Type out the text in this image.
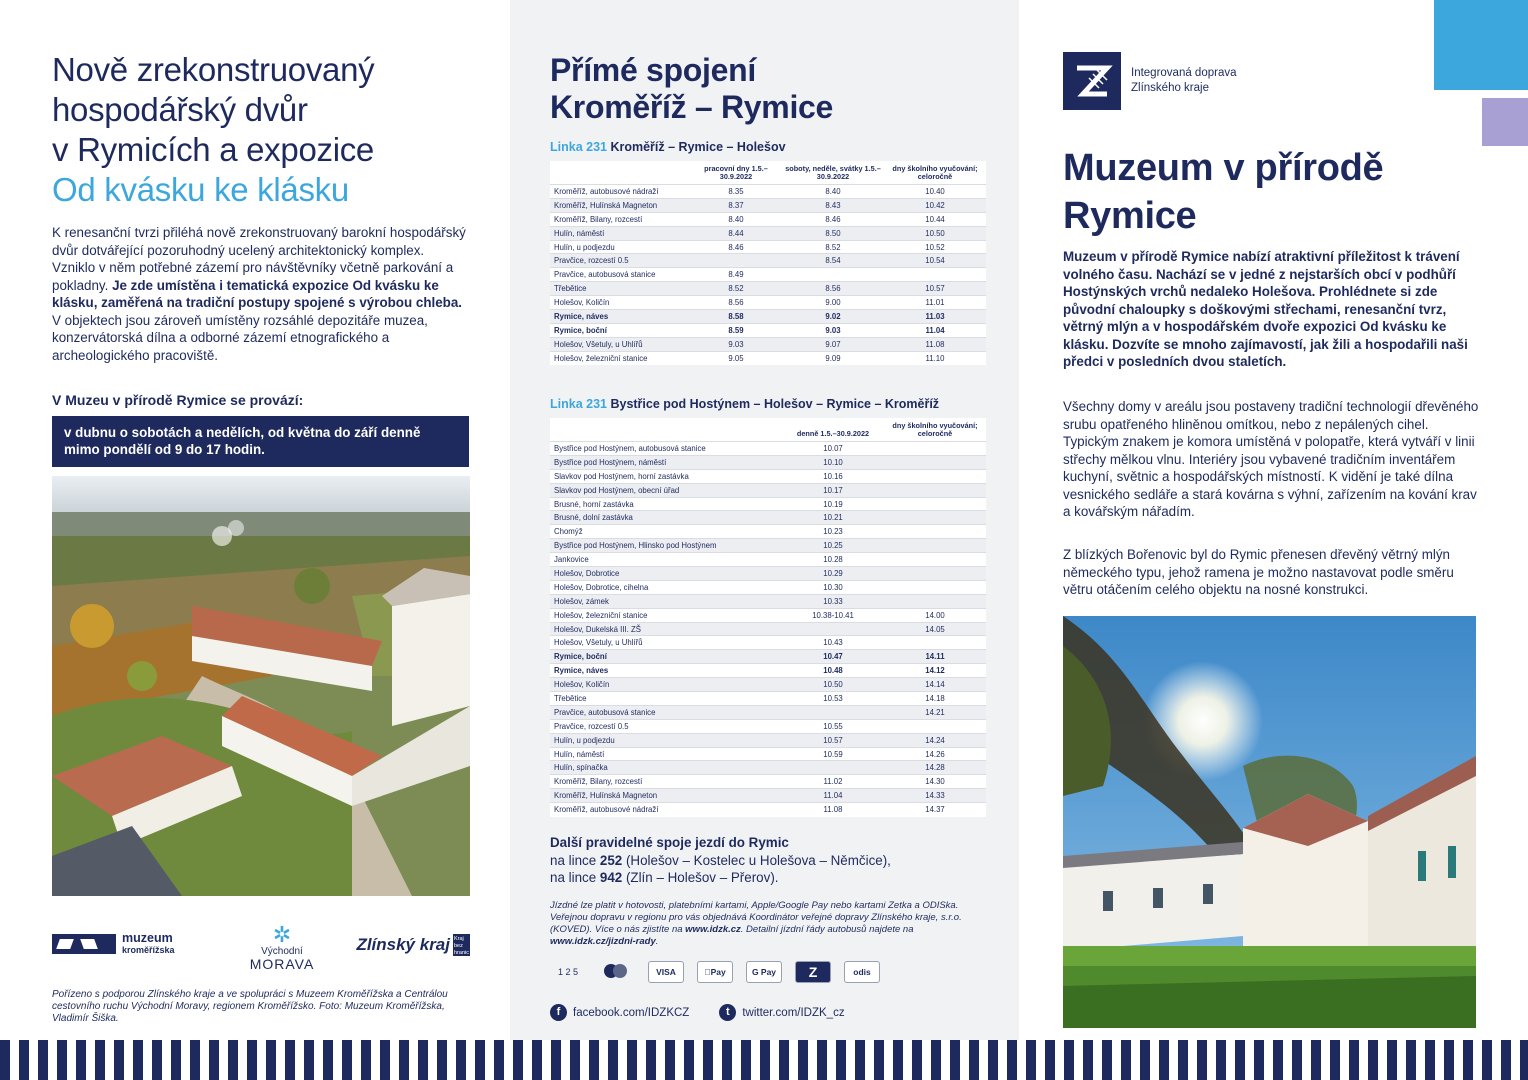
Nově zrekonstruovaný
hospodářský dvůr
v Rymicích a expozice
Od kvásku ke klásku

K renesanční tvrzi přiléhá nově zrekonstruovaný barokní hospodářský dvůr dotvářející pozoruhodný ucelený architektonický komplex. Vzniklo v něm potřebné zázemí pro návštěvníky včetně parkování a pokladny. Je zde umístěna i tematická expozice Od kvásku ke klásku, zaměřená na tradiční postupy spojené s výrobou chleba. V objektech jsou zároveň umístěny rozsáhlé depozitáře muzea, konzervátorská dílna a odborné zázemí etnografického a archeologického pracoviště.

V Muzeu v přírodě Rymice se provází:
v dubnu o sobotách a nedělích, od května do září denně mimo pondělí od 9 do 17 hodin.
muzeum
kroměřížska
✲
Východní
MORAVA
Zlínský kraj Kraj bez hranic

Pořízeno s podporou Zlínského kraje a ve spolupráci s Muzeem Kroměřížska a Centrálou cestovního ruchu Východní Moravy, regionem Kroměřížsko. Foto: Muzeum Kroměřížska, Vladimír Šiška.

Přímé spojení
Kroměříž – Rymice
Linka 231 Kroměříž – Rymice – Holešov
	pracovní dny 1.5.–30.9.2022	soboty, neděle, svátky 1.5.–30.9.2022	dny školního vyučování; celoročně
Kroměříž, autobusové nádraží	8.35	8.40	10.40
Kroměříž, Hulínská Magneton	8.37	8.43	10.42
Kroměříž, Bilany, rozcestí	8.40	8.46	10.44
Hulín, náměstí	8.44	8.50	10.50
Hulín, u podjezdu	8.46	8.52	10.52
Pravčice, rozcestí 0.5		8.54	10.54
Pravčice, autobusová stanice	8.49		
Třebětice	8.52	8.56	10.57
Holešov, Količín	8.56	9.00	11.01
Rymice, náves	8.58	9.02	11.03
Rymice, boční	8.59	9.03	11.04
Holešov, Všetuly, u Uhlířů	9.03	9.07	11.08
Holešov, železniční stanice	9.05	9.09	11.10
Linka 231 Bystřice pod Hostýnem – Holešov – Rymice – Kroměříž
	denně 1.5.–30.9.2022	dny školního vyučování; celoročně
Bystřice pod Hostýnem, autobusová stanice	10.07	
Bystřice pod Hostýnem, náměstí	10.10	
Slavkov pod Hostýnem, horní zastávka	10.16	
Slavkov pod Hostýnem, obecní úřad	10.17	
Brusné, horní zastávka	10.19	
Brusné, dolní zastávka	10.21	
Chomýž	10.23	
Bystřice pod Hostýnem, Hlinsko pod Hostýnem	10.25	
Jankovice	10.28	
Holešov, Dobrotice	10.29	
Holešov, Dobrotice, cihelna	10.30	
Holešov, zámek	10.33	
Holešov, železniční stanice	10.38-10.41	14.00
Holešov, Dukelská III. ZŠ		14.05
Holešov, Všetuly, u Uhlířů	10.43	
Rymice, boční	10.47	14.11
Rymice, náves	10.48	14.12
Holešov, Količín	10.50	14.14
Třebětice	10.53	14.18
Pravčice, autobusová stanice		14.21
Pravčice, rozcestí 0.5	10.55	
Hulín, u podjezdu	10.57	14.24
Hulín, náměstí	10.59	14.26
Hulín, spínačka		14.28
Kroměříž, Bilany, rozcestí	11.02	14.30
Kroměříž, Hulínská Magneton	11.04	14.33
Kroměříž, autobusové nádraží	11.08	14.37
Další pravidelné spoje jezdí do Rymic
na lince 252 (Holešov – Kostelec u Holešova – Němčice),
na lince 942 (Zlín – Holešov – Přerov).

Jízdné lze platit v hotovosti, platebními kartami, Apple/Google Pay nebo kartami Zetka a ODISka. Veřejnou dopravu v regionu pro vás objednává Koordinátor veřejné dopravy Zlínského kraje, s.r.o. (KOVED). Více o nás zjistíte na www.idzk.cz. Detailní jízdní řády autobusů najdete na www.idzk.cz/jizdni-rady.

1 2 5	VISA	Pay	G Pay	Z	odis
f	facebook.com/IDZKCZ	t	twitter.com/IDZK_cz
Integrovaná doprava
Zlínského kraje
Muzeum v přírodě
Rymice

Muzeum v přírodě Rymice nabízí atraktivní příležitost k trávení volného času. Nachází se v jedné z nejstarších obcí v podhůří Hostýnských vrchů nedaleko Holešova. Prohlédnete si zde původní chaloupky s doškovými střechami, renesanční tvrz, větrný mlýn a v hospodářském dvoře expozici Od kvásku ke klásku. Dozvíte se mnoho zajímavostí, jak žili a hospodařili naši předci v posledních dvou staletích.

Všechny domy v areálu jsou postaveny tradiční technologií dřevěného srubu opatřeného hliněnou omítkou, nebo z nepálených cihel. Typickým znakem je komora umístěná v polopatře, která vytváří v linii střechy mělkou vlnu. Interiéry jsou vybavené tradičním inventářem kuchyní, světnic a hospodářských místností. K vidění je také dílna vesnického sedláře a stará kovárna s výhní, zařízením na kování krav a kovářským nářadím.

Z blízkých Bořenovic byl do Rymic přenesen dřevěný větrný mlýn německého typu, jehož ramena je možno nastavovat podle směru větru otáčením celého objektu na nosné konstrukci.
